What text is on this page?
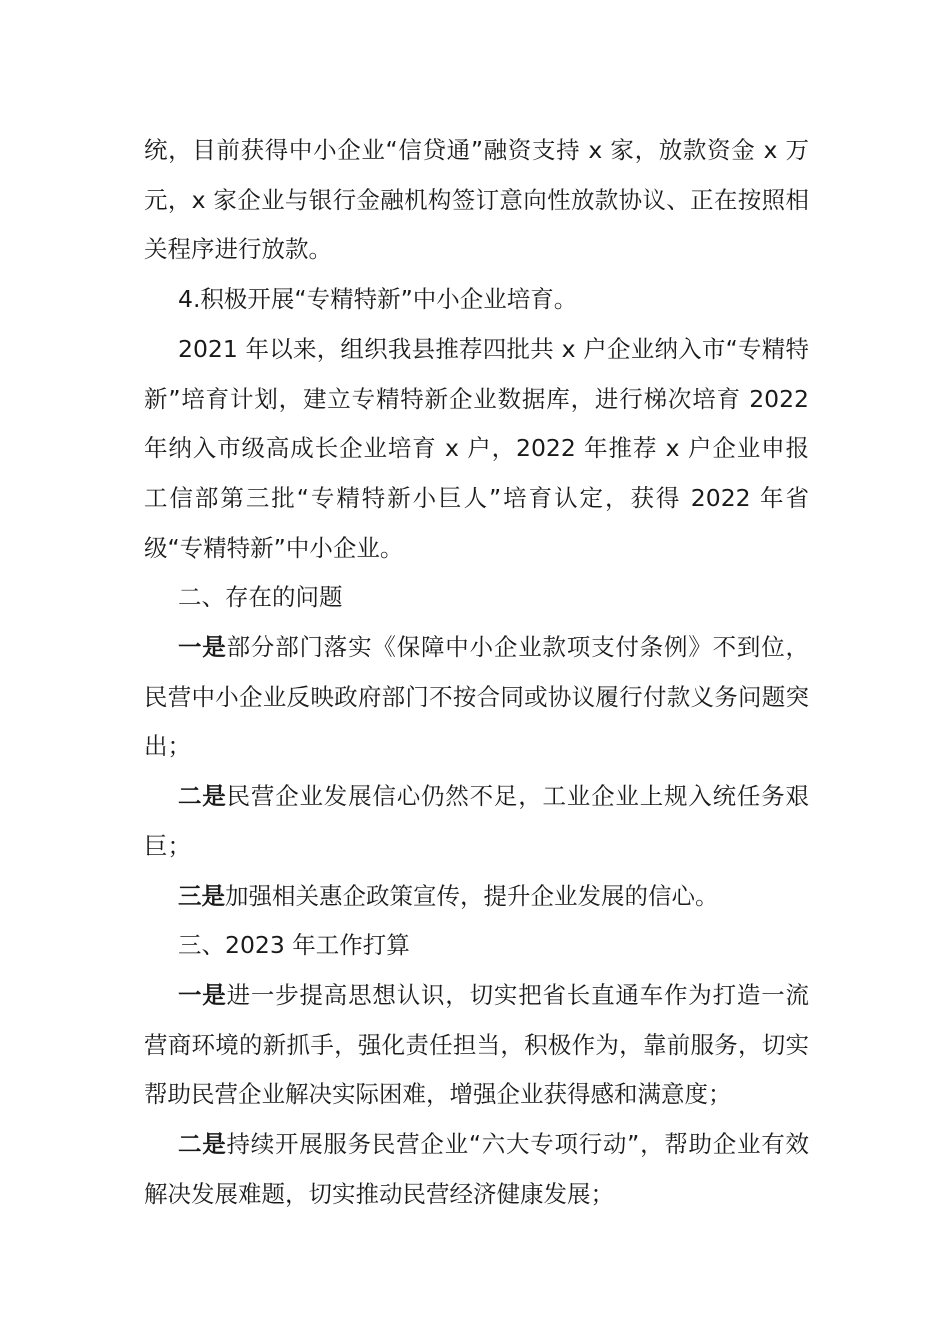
统，目前获得中小企业“信贷通”融资支持 x 家，放款资金 x 万元，x 家企业与银行金融机构签订意向性放款协议、正在按照相关程序进行放款。

4.积极开展“专精特新”中小企业培育。

2021 年以来，组织我县推荐四批共 x 户企业纳入市“专精特新”培育计划，建立专精特新企业数据库，进行梯次培育 2022 年纳入市级高成长企业培育 x 户，2022 年推荐 x 户企业申报工信部第三批“专精特新小巨人”培育认定，获得 2022 年省级“专精特新”中小企业。

二、存在的问题

一是部分部门落实《保障中小企业款项支付条例》不到位，民营中小企业反映政府部门不按合同或协议履行付款义务问题突出；

二是民营企业发展信心仍然不足，工业企业上规入统任务艰巨；

三是加强相关惠企政策宣传，提升企业发展的信心。

三、2023 年工作打算

一是进一步提高思想认识，切实把省长直通车作为打造一流营商环境的新抓手，强化责任担当，积极作为，靠前服务，切实帮助民营企业解决实际困难，增强企业获得感和满意度；

二是持续开展服务民营企业“六大专项行动”，帮助企业有效解决发展难题，切实推动民营经济健康发展；
